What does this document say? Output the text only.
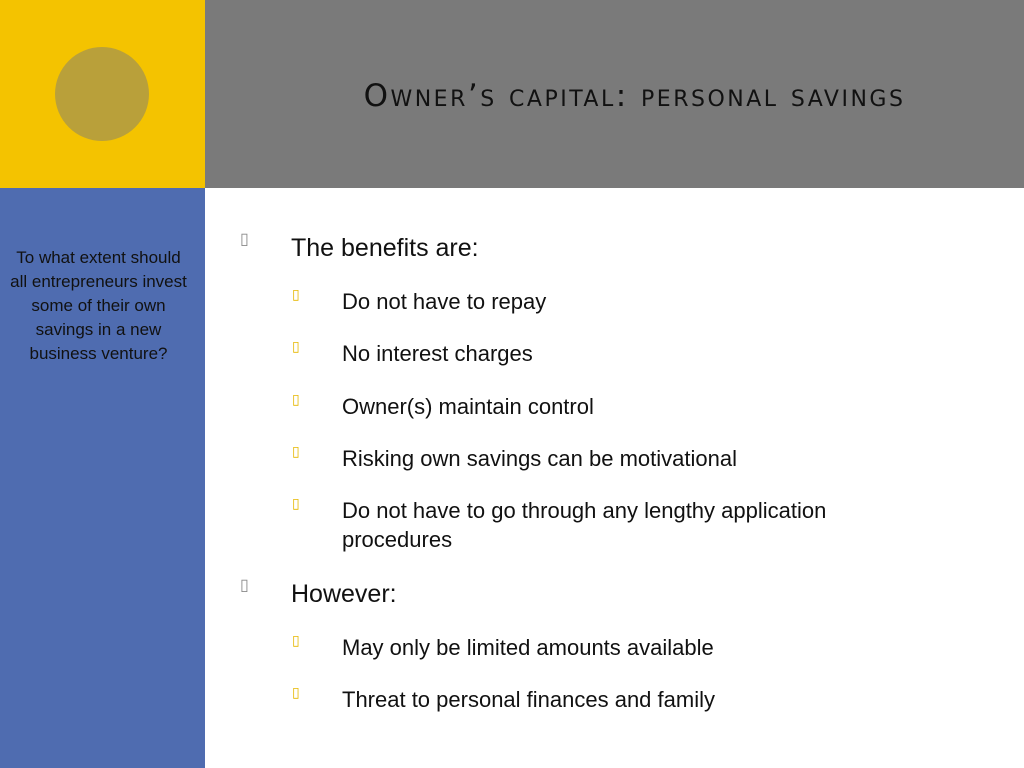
Owner’s capital: personal savings

To what extent should all entrepreneurs invest some of their own savings in a new business venture?

▯ The benefits are:
▯ Do not have to repay
▯ No interest charges
▯ Owner(s) maintain control
▯ Risking own savings can be motivational
▯ Do not have to go through any lengthy application procedures
▯ However:
▯ May only be limited amounts available
▯ Threat to personal finances and family
